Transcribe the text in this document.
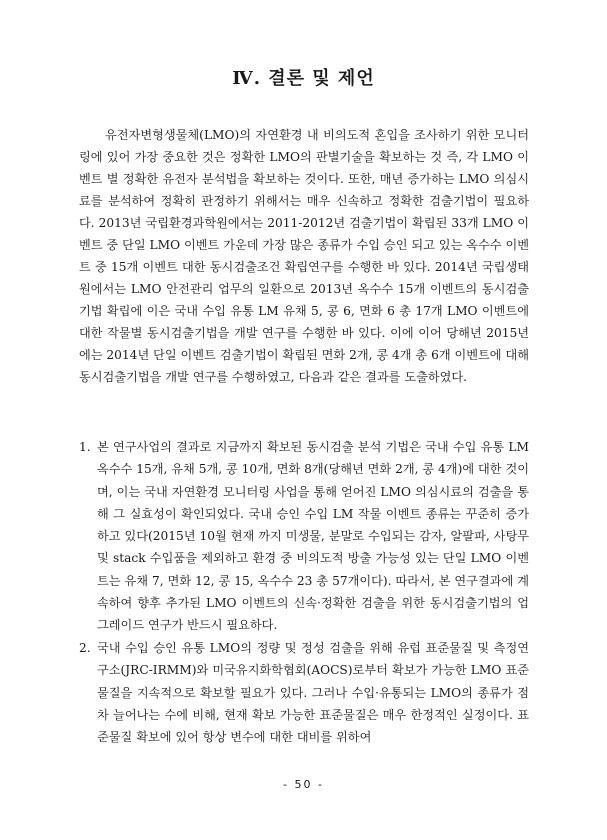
Ⅳ. 결론 및 제언

유전자변형생물체(LMO)의 자연환경 내 비의도적 혼입을 조사하기 위한 모니터링에 있어 가장 중요한 것은 정확한 LMO의 판별기술을 확보하는 것 즉, 각 LMO 이벤트 별 정확한 유전자 분석법을 확보하는 것이다. 또한, 매년 증가하는 LMO 의심시료를 분석하여 정확히 판정하기 위해서는 매우 신속하고 정확한 검출기법이 필요하다. 2013년 국립환경과학원에서는 2011-2012년 검출기법이 확립된 33개 LMO 이벤트 중 단일 LMO 이벤트 가운데 가장 많은 종류가 수입 승인 되고 있는 옥수수 이벤트 중 15개 이벤트 대한 동시검출조건 확립연구를 수행한 바 있다. 2014년 국립생태원에서는 LMO 안전관리 업무의 일환으로 2013년 옥수수 15개 이벤트의 동시검출기법 확립에 이은 국내 수입 유통 LM 유채 5, 콩 6, 면화 6 총 17개 LMO 이벤트에 대한 작물별 동시검출기법을 개발 연구를 수행한 바 있다. 이에 이어 당해년 2015년에는 2014년 단일 이벤트 검출기법이 확립된 면화 2개, 콩 4개 총 6개 이벤트에 대해 동시검출기법을 개발 연구를 수행하였고, 다음과 같은 결과를 도출하였다.

1. 본 연구사업의 결과로 지금까지 확보된 동시검출 분석 기법은 국내 수입 유통 LM 옥수수 15개, 유채 5개, 콩 10개, 면화 8개(당해년 면화 2개, 콩 4개)에 대한 것이며, 이는 국내 자연환경 모니터링 사업을 통해 얻어진 LMO 의심시료의 검출을 통해 그 실효성이 확인되었다. 국내 승인 수입 LM 작물 이벤트 종류는 꾸준히 증가하고 있다(2015년 10월 현재 까지 미생물, 분말로 수입되는 감자, 알팔파, 사탕무 및 stack 수입품을 제외하고 환경 중 비의도적 방출 가능성 있는 단일 LMO 이벤트는 유채 7, 면화 12, 콩 15, 옥수수 23 총 57개이다). 따라서, 본 연구결과에 계속하여 향후 추가된 LMO 이벤트의 신속·정확한 검출을 위한 동시검출기법의 업그레이드 연구가 반드시 필요하다.
2. 국내 수입 승인 유통 LMO의 정량 및 정성 검출을 위해 유럽 표준물질 및 측정연구소(JRC-IRMM)와 미국유지화학협회(AOCS)로부터 확보가 가능한 LMO 표준물질을 지속적으로 확보할 필요가 있다. 그러나 수입·유통되는 LMO의 종류가 점차 늘어나는 수에 비해, 현재 확보 가능한 표준물질은 매우 한정적인 실정이다. 표준물질 확보에 있어 항상 변수에 대한 대비를 위하여
- 50 -
